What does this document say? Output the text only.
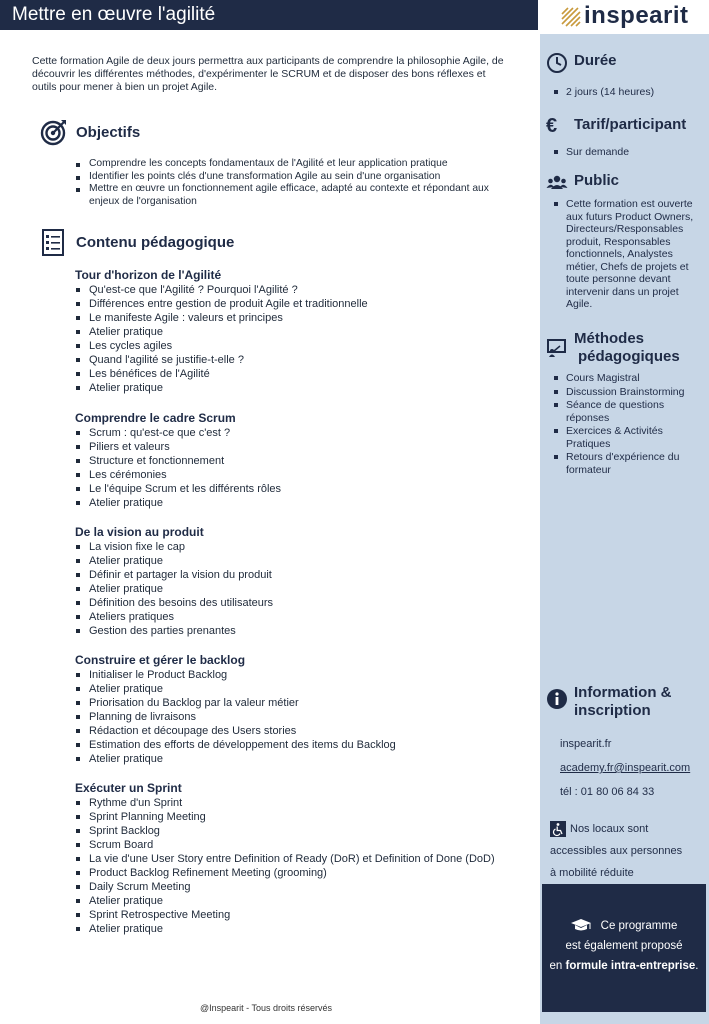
Mettre en œuvre l'agilité	inspearit

Cette formation Agile de deux jours permettra aux participants de comprendre la philosophie Agile, de découvrir les différentes méthodes, d'expérimenter le SCRUM et de disposer des bons réflexes et outils pour mener à bien un projet Agile.

Objectifs
Comprendre les concepts fondamentaux de l'Agilité et leur application pratique
Identifier les points clés d'une transformation Agile au sein d'une organisation
Mettre en œuvre un fonctionnement agile efficace, adapté au contexte et répondant aux enjeux de l'organisation
Contenu pédagogique
Tour d'horizon de l'Agilité
Qu'est-ce que l'Agilité ? Pourquoi l'Agilité ?
Différences entre gestion de produit Agile et traditionnelle
Le manifeste Agile : valeurs et principes
Atelier pratique
Les cycles agiles
Quand l'agilité se justifie-t-elle ?
Les bénéfices de l'Agilité
Atelier pratique
Comprendre le cadre Scrum
Scrum : qu'est-ce que c'est ?
Piliers et valeurs
Structure et fonctionnement
Les cérémonies
Le l'équipe Scrum et les différents rôles
Atelier pratique
De la vision au produit
La vision fixe le cap
Atelier pratique
Définir et partager la vision du produit
Atelier pratique
Définition des besoins des utilisateurs
Ateliers pratiques
Gestion des parties prenantes
Construire et gérer le backlog
Initialiser le Product Backlog
Atelier pratique
Priorisation du Backlog par la valeur métier
Planning de livraisons
Rédaction et découpage des Users stories
Estimation des efforts de développement des items du Backlog
Atelier pratique
Exécuter un Sprint
Rythme d'un Sprint
Sprint Planning Meeting
Sprint Backlog
Scrum Board
La vie d'une User Story entre Definition of Ready (DoR) et Definition of Done (DoD)
Product Backlog Refinement Meeting (grooming)
Daily Scrum Meeting
Atelier pratique
Sprint Retrospective Meeting
Atelier pratique
@Inspearit - Tous droits réservés
Durée
2 jours (14 heures)
€	Tarif/participant
Sur demande
Public
Cette formation est ouverte aux futurs Product Owners, Directeurs/Responsables produit, Responsables fonctionnels, Analystes métier, Chefs de projets et toute personne devant intervenir dans un projet Agile.
Méthodes
pédagogiques
Cours Magistral
Discussion Brainstorming
Séance de questions réponses
Exercices & Activités Pratiques
Retours d'expérience du formateur
Information &
inscription
inspearit.fr
academy.fr@inspearit.com
tél : 01 80 06 84 33
Nos locaux sont
accessibles aux personnes
à mobilité réduite
Ce programme
est également proposé
en formule intra-entreprise.
